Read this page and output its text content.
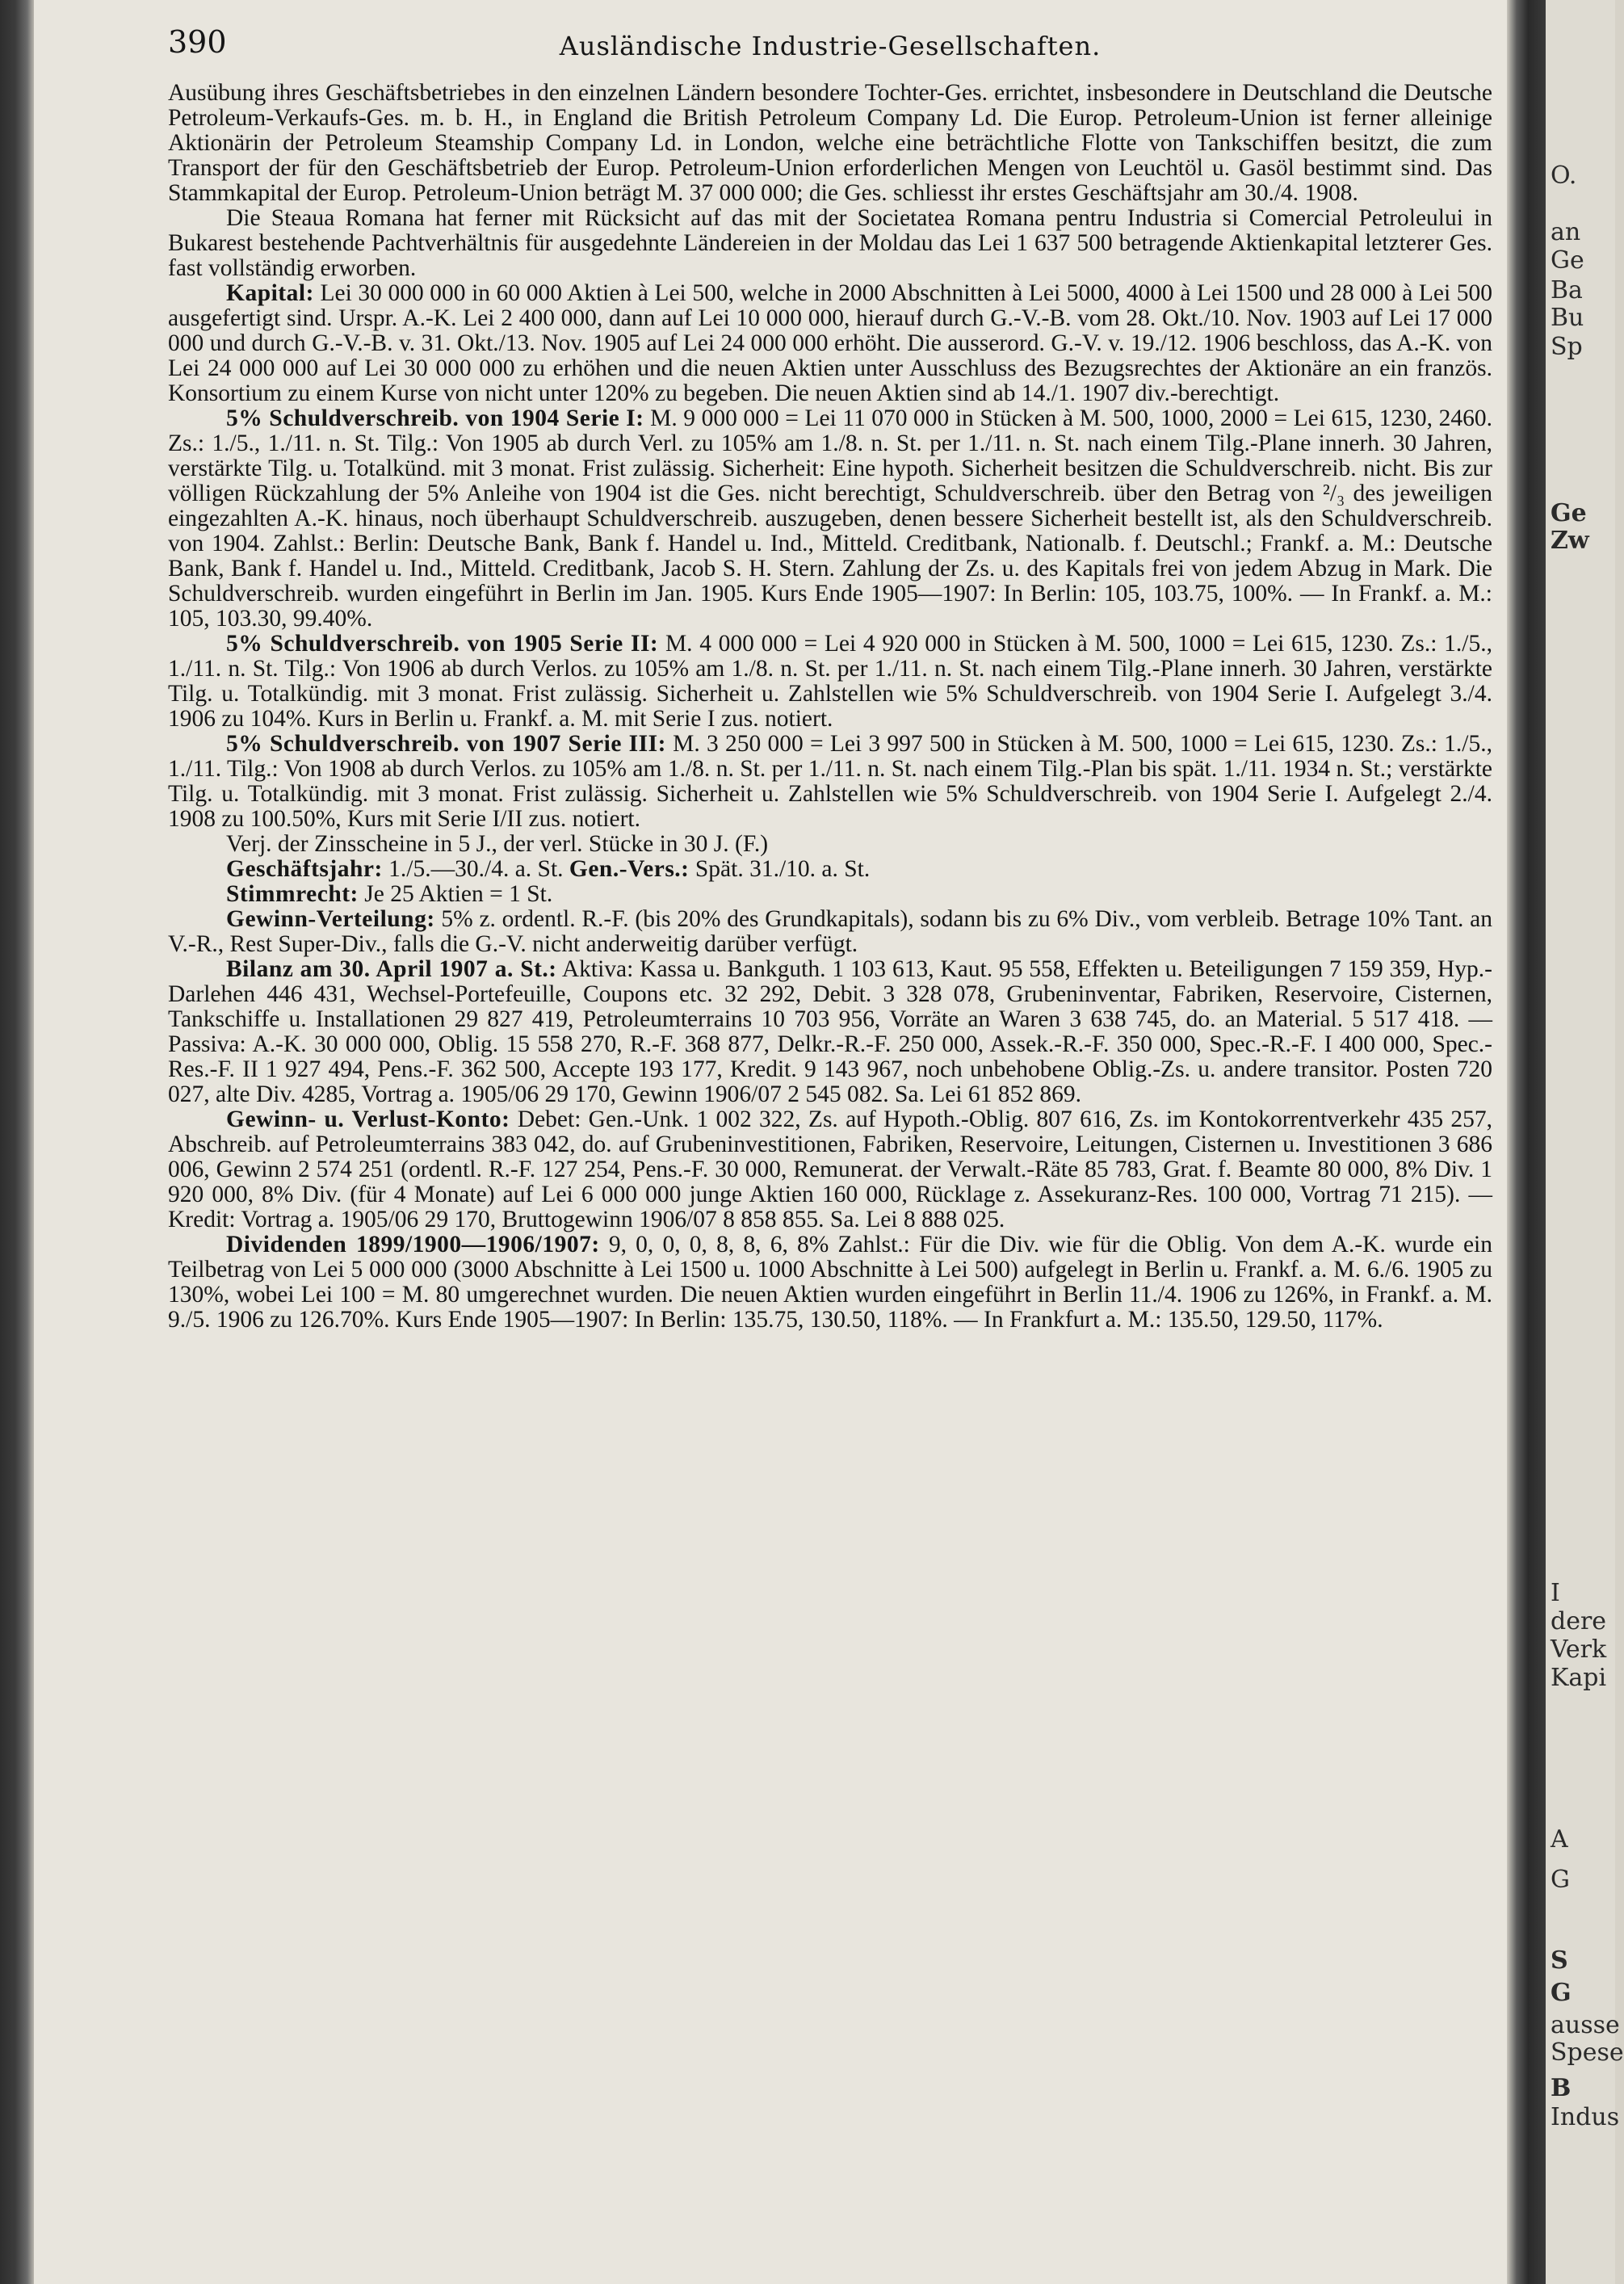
O.
an
Ge
Ba
Bu
Sp
Ge
Zw
I
dere
Verk
Kapi
A
G
S
G
ausse
Spese
B
Indus
390	Ausländische Industrie-Gesellschaften.

Ausübung ihres Geschäftsbetriebes in den einzelnen Ländern besondere Tochter-Ges. errichtet, insbesondere in Deutschland die Deutsche Petroleum-Verkaufs-Ges. m. b. H., in England die British Petroleum Company Ld. Die Europ. Petroleum-Union ist ferner alleinige Aktionärin der Petroleum Steamship Company Ld. in London, welche eine beträchtliche Flotte von Tankschiffen besitzt, die zum Transport der für den Geschäftsbetrieb der Europ. Petroleum-Union erforderlichen Mengen von Leuchtöl u. Gasöl bestimmt sind. Das Stammkapital der Europ. Petroleum-Union beträgt M. 37 000 000; die Ges. schliesst ihr erstes Geschäftsjahr am 30./4. 1908.

Die Steaua Romana hat ferner mit Rücksicht auf das mit der Societatea Romana pentru Industria si Comercial Petroleului in Bukarest bestehende Pachtverhältnis für ausgedehnte Ländereien in der Moldau das Lei 1 637 500 betragende Aktienkapital letzterer Ges. fast vollständig erworben.

Kapital: Lei 30 000 000 in 60 000 Aktien à Lei 500, welche in 2000 Abschnitten à Lei 5000, 4000 à Lei 1500 und 28 000 à Lei 500 ausgefertigt sind. Urspr. A.-K. Lei 2 400 000, dann auf Lei 10 000 000, hierauf durch G.-V.-B. vom 28. Okt./10. Nov. 1903 auf Lei 17 000 000 und durch G.-V.-B. v. 31. Okt./13. Nov. 1905 auf Lei 24 000 000 erhöht. Die ausserord. G.-V. v. 19./12. 1906 beschloss, das A.-K. von Lei 24 000 000 auf Lei 30 000 000 zu erhöhen und die neuen Aktien unter Ausschluss des Bezugsrechtes der Aktionäre an ein französ. Konsortium zu einem Kurse von nicht unter 120% zu begeben. Die neuen Aktien sind ab 14./1. 1907 div.-berechtigt.

5% Schuldverschreib. von 1904 Serie I: M. 9 000 000 = Lei 11 070 000 in Stücken à M. 500, 1000, 2000 = Lei 615, 1230, 2460. Zs.: 1./5., 1./11. n. St. Tilg.: Von 1905 ab durch Verl. zu 105% am 1./8. n. St. per 1./11. n. St. nach einem Tilg.-Plane innerh. 30 Jahren, verstärkte Tilg. u. Totalkünd. mit 3 monat. Frist zulässig. Sicherheit: Eine hypoth. Sicherheit besitzen die Schuldverschreib. nicht. Bis zur völligen Rückzahlung der 5% Anleihe von 1904 ist die Ges. nicht berechtigt, Schuldverschreib. über den Betrag von ²/₃ des jeweiligen eingezahlten A.-K. hinaus, noch überhaupt Schuldverschreib. auszugeben, denen bessere Sicherheit bestellt ist, als den Schuldverschreib. von 1904. Zahlst.: Berlin: Deutsche Bank, Bank f. Handel u. Ind., Mitteld. Creditbank, Nationalb. f. Deutschl.; Frankf. a. M.: Deutsche Bank, Bank f. Handel u. Ind., Mitteld. Creditbank, Jacob S. H. Stern. Zahlung der Zs. u. des Kapitals frei von jedem Abzug in Mark. Die Schuldverschreib. wurden eingeführt in Berlin im Jan. 1905. Kurs Ende 1905—1907: In Berlin: 105, 103.75, 100%. — In Frankf. a. M.: 105, 103.30, 99.40%.

5% Schuldverschreib. von 1905 Serie II: M. 4 000 000 = Lei 4 920 000 in Stücken à M. 500, 1000 = Lei 615, 1230. Zs.: 1./5., 1./11. n. St. Tilg.: Von 1906 ab durch Verlos. zu 105% am 1./8. n. St. per 1./11. n. St. nach einem Tilg.-Plane innerh. 30 Jahren, verstärkte Tilg. u. Totalkündig. mit 3 monat. Frist zulässig. Sicherheit u. Zahlstellen wie 5% Schuldverschreib. von 1904 Serie I. Aufgelegt 3./4. 1906 zu 104%. Kurs in Berlin u. Frankf. a. M. mit Serie I zus. notiert.

5% Schuldverschreib. von 1907 Serie III: M. 3 250 000 = Lei 3 997 500 in Stücken à M. 500, 1000 = Lei 615, 1230. Zs.: 1./5., 1./11. Tilg.: Von 1908 ab durch Verlos. zu 105% am 1./8. n. St. per 1./11. n. St. nach einem Tilg.-Plan bis spät. 1./11. 1934 n. St.; verstärkte Tilg. u. Totalkündig. mit 3 monat. Frist zulässig. Sicherheit u. Zahlstellen wie 5% Schuldverschreib. von 1904 Serie I. Aufgelegt 2./4. 1908 zu 100.50%, Kurs mit Serie I/II zus. notiert.

Verj. der Zinsscheine in 5 J., der verl. Stücke in 30 J. (F.)

Geschäftsjahr: 1./5.—30./4. a. St. Gen.-Vers.: Spät. 31./10. a. St.

Stimmrecht: Je 25 Aktien = 1 St.

Gewinn-Verteilung: 5% z. ordentl. R.-F. (bis 20% des Grundkapitals), sodann bis zu 6% Div., vom verbleib. Betrage 10% Tant. an V.-R., Rest Super-Div., falls die G.-V. nicht anderweitig darüber verfügt.

Bilanz am 30. April 1907 a. St.: Aktiva: Kassa u. Bankguth. 1 103 613, Kaut. 95 558, Effekten u. Beteiligungen 7 159 359, Hyp.-Darlehen 446 431, Wechsel-Portefeuille, Coupons etc. 32 292, Debit. 3 328 078, Grubeninventar, Fabriken, Reservoire, Cisternen, Tankschiffe u. Installationen 29 827 419, Petroleumterrains 10 703 956, Vorräte an Waren 3 638 745, do. an Material. 5 517 418. — Passiva: A.-K. 30 000 000, Oblig. 15 558 270, R.-F. 368 877, Delkr.-R.-F. 250 000, Assek.-R.-F. 350 000, Spec.-R.-F. I 400 000, Spec.-Res.-F. II 1 927 494, Pens.-F. 362 500, Accepte 193 177, Kredit. 9 143 967, noch unbehobene Oblig.-Zs. u. andere transitor. Posten 720 027, alte Div. 4285, Vortrag a. 1905/06 29 170, Gewinn 1906/07 2 545 082. Sa. Lei 61 852 869.

Gewinn- u. Verlust-Konto: Debet: Gen.-Unk. 1 002 322, Zs. auf Hypoth.-Oblig. 807 616, Zs. im Kontokorrentverkehr 435 257, Abschreib. auf Petroleumterrains 383 042, do. auf Grubeninvestitionen, Fabriken, Reservoire, Leitungen, Cisternen u. Investitionen 3 686 006, Gewinn 2 574 251 (ordentl. R.-F. 127 254, Pens.-F. 30 000, Remunerat. der Verwalt.-Räte 85 783, Grat. f. Beamte 80 000, 8% Div. 1 920 000, 8% Div. (für 4 Monate) auf Lei 6 000 000 junge Aktien 160 000, Rücklage z. Assekuranz-Res. 100 000, Vortrag 71 215). — Kredit: Vortrag a. 1905/06 29 170, Bruttogewinn 1906/07 8 858 855. Sa. Lei 8 888 025.

Dividenden 1899/1900—1906/1907: 9, 0, 0, 0, 8, 8, 6, 8% Zahlst.: Für die Div. wie für die Oblig. Von dem A.-K. wurde ein Teilbetrag von Lei 5 000 000 (3000 Abschnitte à Lei 1500 u. 1000 Abschnitte à Lei 500) aufgelegt in Berlin u. Frankf. a. M. 6./6. 1905 zu 130%, wobei Lei 100 = M. 80 umgerechnet wurden. Die neuen Aktien wurden eingeführt in Berlin 11./4. 1906 zu 126%, in Frankf. a. M. 9./5. 1906 zu 126.70%. Kurs Ende 1905—1907: In Berlin: 135.75, 130.50, 118%. — In Frankfurt a. M.: 135.50, 129.50, 117%.
